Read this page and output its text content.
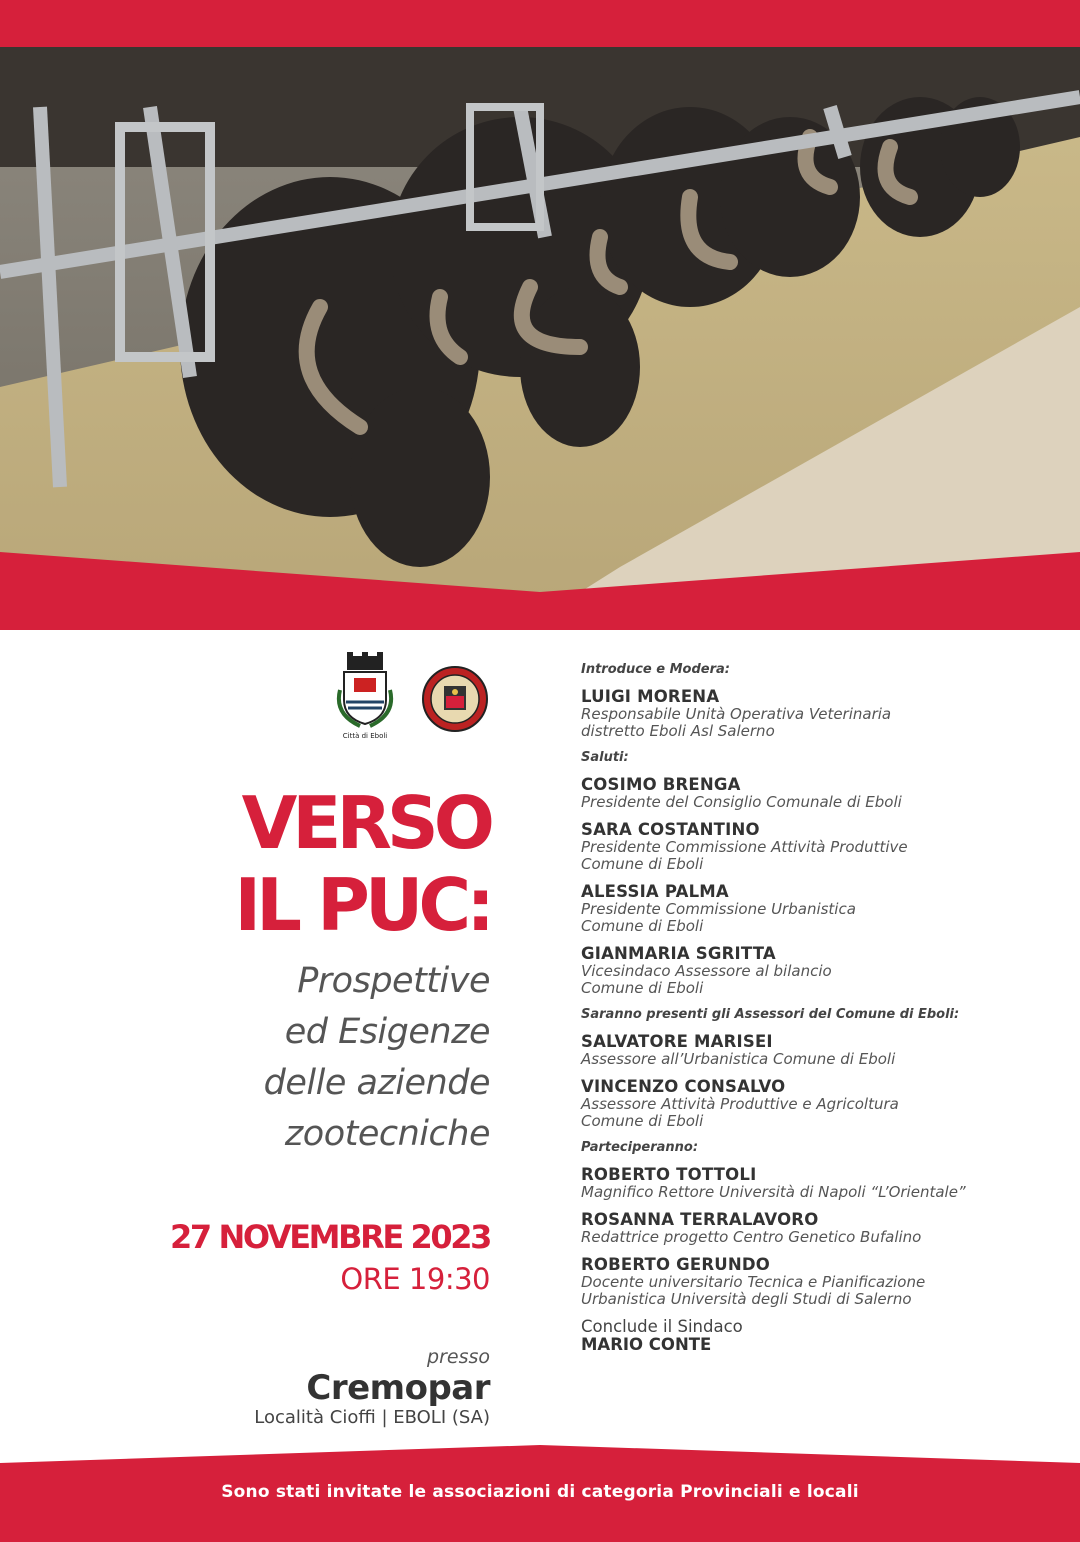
Città di Eboli
VERSO
IL PUC:
Prospettive
ed Esigenze
delle aziende
zootecniche
27 NOVEMBRE 2023
ORE 19:30
presso
Cremopar
Località Cioffi | EBOLI (SA)
Introduce e Modera:
LUIGI MORENA
Responsabile Unità Operativa Veterinaria
distretto Eboli Asl Salerno
Saluti:
COSIMO BRENGA
Presidente del Consiglio Comunale di Eboli
SARA COSTANTINO
Presidente Commissione Attività Produttive
Comune di Eboli
ALESSIA PALMA
Presidente Commissione Urbanistica
Comune di Eboli
GIANMARIA SGRITTA
Vicesindaco Assessore al bilancio
Comune di Eboli
Saranno presenti gli Assessori del Comune di Eboli:
SALVATORE MARISEI
Assessore all’Urbanistica Comune di Eboli
VINCENZO CONSALVO
Assessore Attività Produttive e Agricoltura
Comune di Eboli
Parteciperanno:
ROBERTO TOTTOLI
Magnifico Rettore Università di Napoli “L’Orientale”
ROSANNA TERRALAVORO
Redattrice progetto Centro Genetico Bufalino
ROBERTO GERUNDO
Docente universitario Tecnica e Pianificazione
Urbanistica Università degli Studi di Salerno
Conclude il Sindaco
MARIO CONTE
Sono stati invitate le associazioni di categoria Provinciali e locali
